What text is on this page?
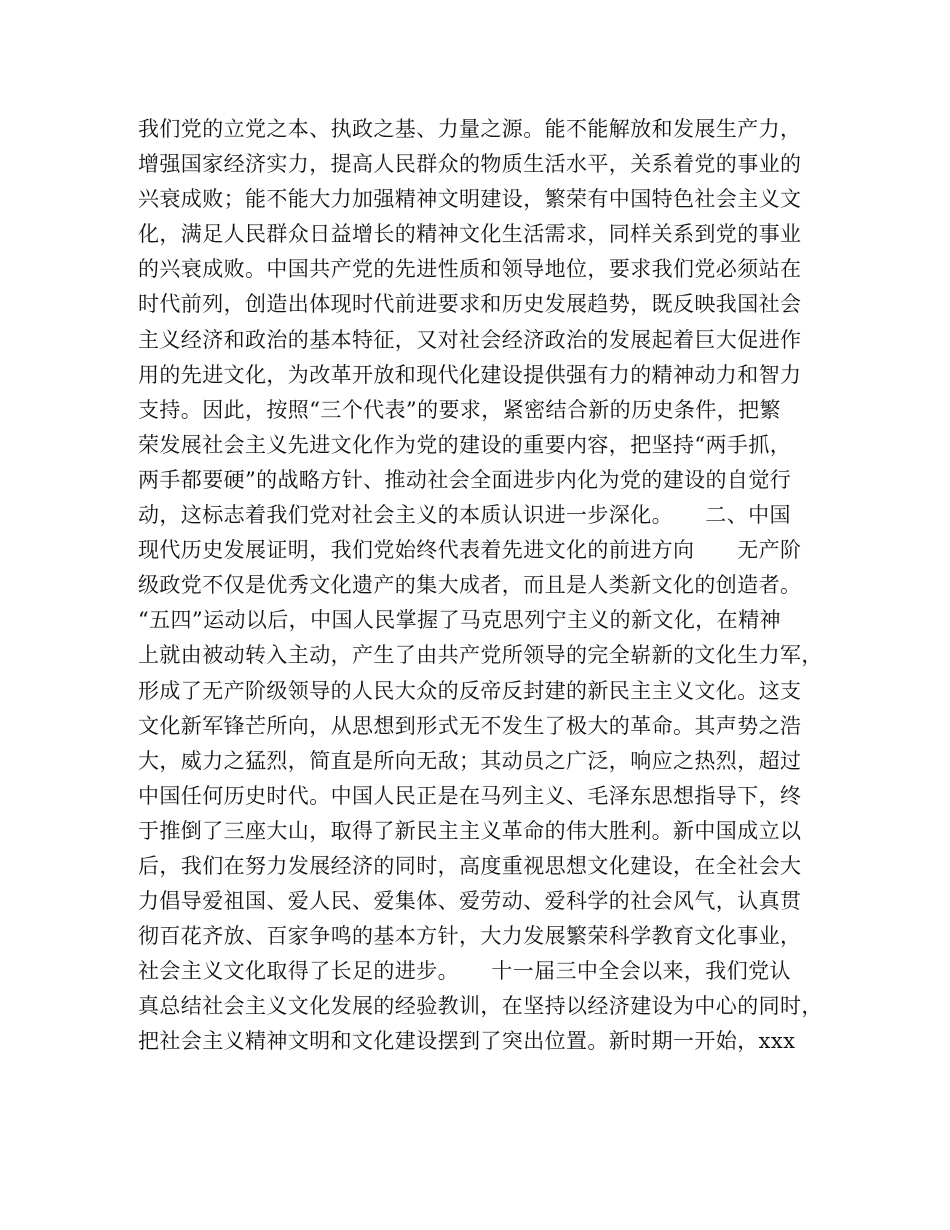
我们党的立党之本、执政之基、力量之源。能不能解放和发展生产力，
增强国家经济实力，提高人民群众的物质生活水平，关系着党的事业的
兴衰成败；能不能大力加强精神文明建设，繁荣有中国特色社会主义文
化，满足人民群众日益增长的精神文化生活需求，同样关系到党的事业
的兴衰成败。中国共产党的先进性质和领导地位，要求我们党必须站在
时代前列，创造出体现时代前进要求和历史发展趋势，既反映我国社会
主义经济和政治的基本特征，又对社会经济政治的发展起着巨大促进作
用的先进文化，为改革开放和现代化建设提供强有力的精神动力和智力
支持。因此，按照“三个代表”的要求，紧密结合新的历史条件，把繁
荣发展社会主义先进文化作为党的建设的重要内容，把坚持“两手抓，
两手都要硬”的战略方针、推动社会全面进步内化为党的建设的自觉行
动，这标志着我们党对社会主义的本质认识进一步深化。　　二、中国
现代历史发展证明，我们党始终代表着先进文化的前进方向　　无产阶
级政党不仅是优秀文化遗产的集大成者，而且是人类新文化的创造者。
“五四”运动以后，中国人民掌握了马克思列宁主义的新文化，在精神
上就由被动转入主动，产生了由共产党所领导的完全崭新的文化生力军，
形成了无产阶级领导的人民大众的反帝反封建的新民主主义文化。这支
文化新军锋芒所向，从思想到形式无不发生了极大的革命。其声势之浩
大，威力之猛烈，简直是所向无敌；其动员之广泛，响应之热烈，超过
中国任何历史时代。中国人民正是在马列主义、毛泽东思想指导下，终
于推倒了三座大山，取得了新民主主义革命的伟大胜利。新中国成立以
后，我们在努力发展经济的同时，高度重视思想文化建设，在全社会大
力倡导爱祖国、爱人民、爱集体、爱劳动、爱科学的社会风气，认真贯
彻百花齐放、百家争鸣的基本方针，大力发展繁荣科学教育文化事业，
社会主义文化取得了长足的进步。　　十一届三中全会以来，我们党认
真总结社会主义文化发展的经验教训，在坚持以经济建设为中心的同时，
把社会主义精神文明和文化建设摆到了突出位置。新时期一开始，xxx
